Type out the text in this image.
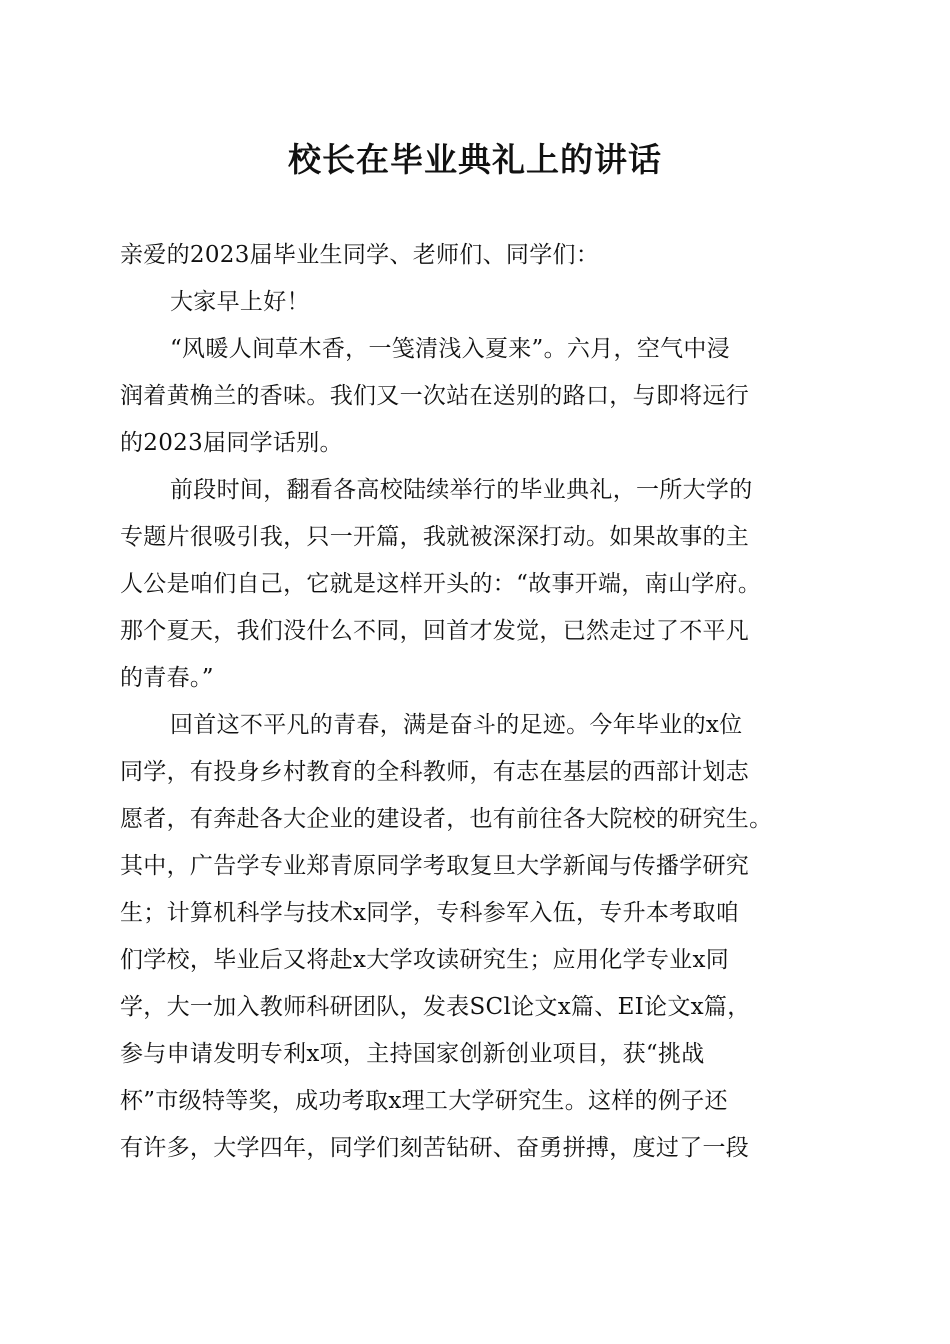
校长在毕业典礼上的讲话
亲爱的2023届毕业生同学、老师们、同学们：
大家早上好！
“风暖人间草木香，一笺清浅入夏来”。六月，空气中浸
润着黄桷兰的香味。我们又一次站在送别的路口，与即将远行
的2023届同学话别。
前段时间，翻看各高校陆续举行的毕业典礼，一所大学的
专题片很吸引我，只一开篇，我就被深深打动。如果故事的主
人公是咱们自己，它就是这样开头的：“故事开端，南山学府。
那个夏天，我们没什么不同，回首才发觉，已然走过了不平凡
的青春。”
回首这不平凡的青春，满是奋斗的足迹。今年毕业的x位
同学，有投身乡村教育的全科教师，有志在基层的西部计划志
愿者，有奔赴各大企业的建设者，也有前往各大院校的研究生。
其中，广告学专业郑青原同学考取复旦大学新闻与传播学研究
生；计算机科学与技术x同学，专科参军入伍，专升本考取咱
们学校，毕业后又将赴x大学攻读研究生；应用化学专业x同
学，大一加入教师科研团队，发表SCl论文x篇、EI论文x篇，
参与申请发明专利x项，主持国家创新创业项目，获“挑战
杯”市级特等奖，成功考取x理工大学研究生。这样的例子还
有许多，大学四年，同学们刻苦钻研、奋勇拼搏，度过了一段
